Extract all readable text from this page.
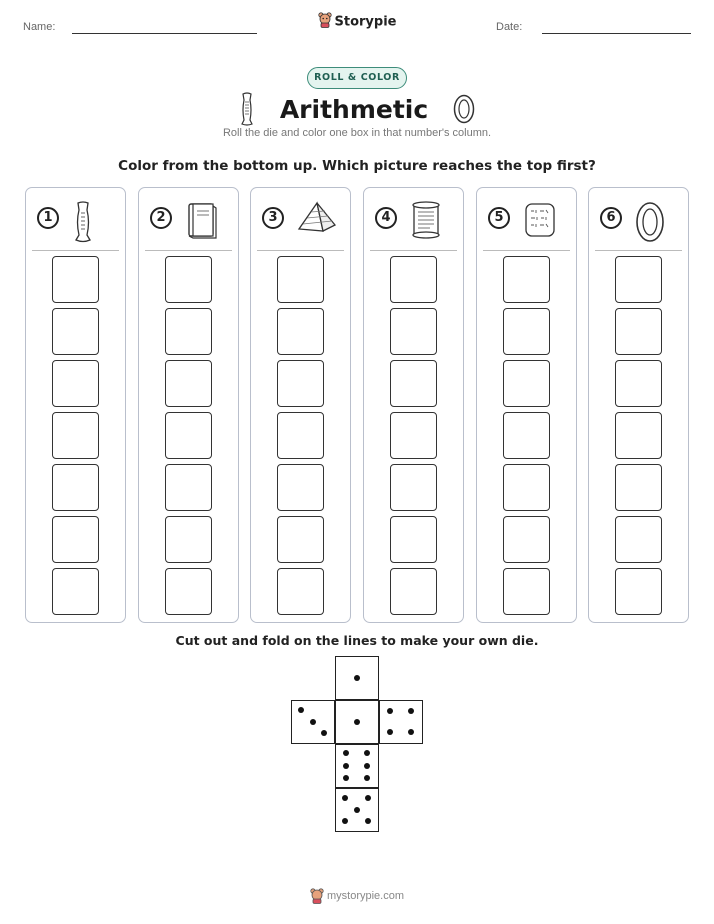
Name:	Storypie	Date:
ROLL & COLOR
Arithmetic
Roll the die and color one box in that number's column.
Color from the bottom up. Which picture reaches the top first?
1	2	3	4	5	6
Cut out and fold on the lines to make your own die.
mystorypie.com
